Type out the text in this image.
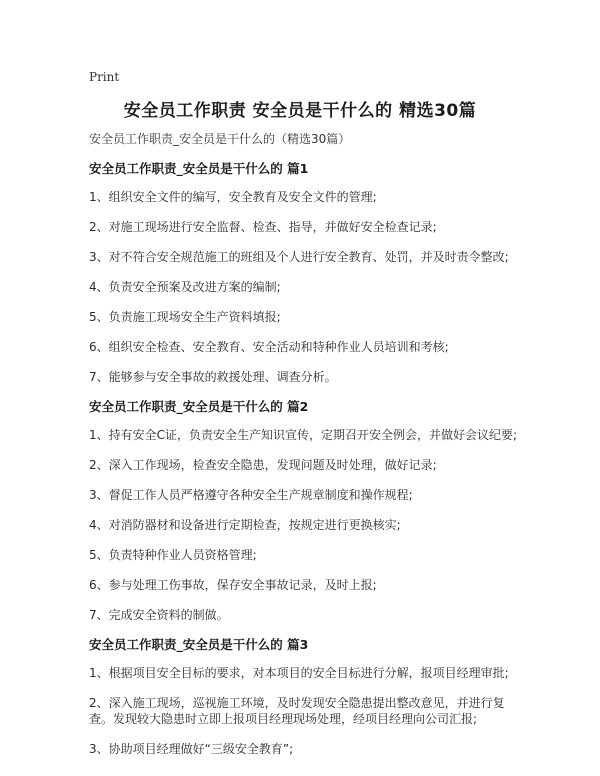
Print
安全员工作职责 安全员是干什么的 精选30篇
安全员工作职责_安全员是干什么的（精选30篇）
安全员工作职责_安全员是干什么的 篇1
1、组织安全文件的编写，安全教育及安全文件的管理;
2、对施工现场进行安全监督、检查、指导，并做好安全检查记录;
3、对不符合安全规范施工的班组及个人进行安全教育、处罚，并及时责令整改;
4、负责安全预案及改进方案的编制;
5、负责施工现场安全生产资料填报;
6、组织安全检查、安全教育、安全活动和特种作业人员培训和考核;
7、能够参与安全事故的救援处理、调查分析。
安全员工作职责_安全员是干什么的 篇2
1、持有安全C证，负责安全生产知识宣传，定期召开安全例会，并做好会议纪要;
2、深入工作现场，检查安全隐患，发现问题及时处理，做好记录;
3、督促工作人员严格遵守各种安全生产规章制度和操作规程;
4、对消防器材和设备进行定期检查，按规定进行更换核实;
5、负责特种作业人员资格管理;
6、参与处理工伤事故，保存安全事故记录，及时上报;
7、完成安全资料的制做。
安全员工作职责_安全员是干什么的 篇3
1、根据项目安全目标的要求，对本项目的安全目标进行分解，报项目经理审批;
2、深入施工现场，巡视施工环境，及时发现安全隐患提出整改意见，并进行复查。发现较大隐患时立即上报项目经理现场处理，经项目经理向公司汇报;
3、协助项目经理做好“三级安全教育”;
